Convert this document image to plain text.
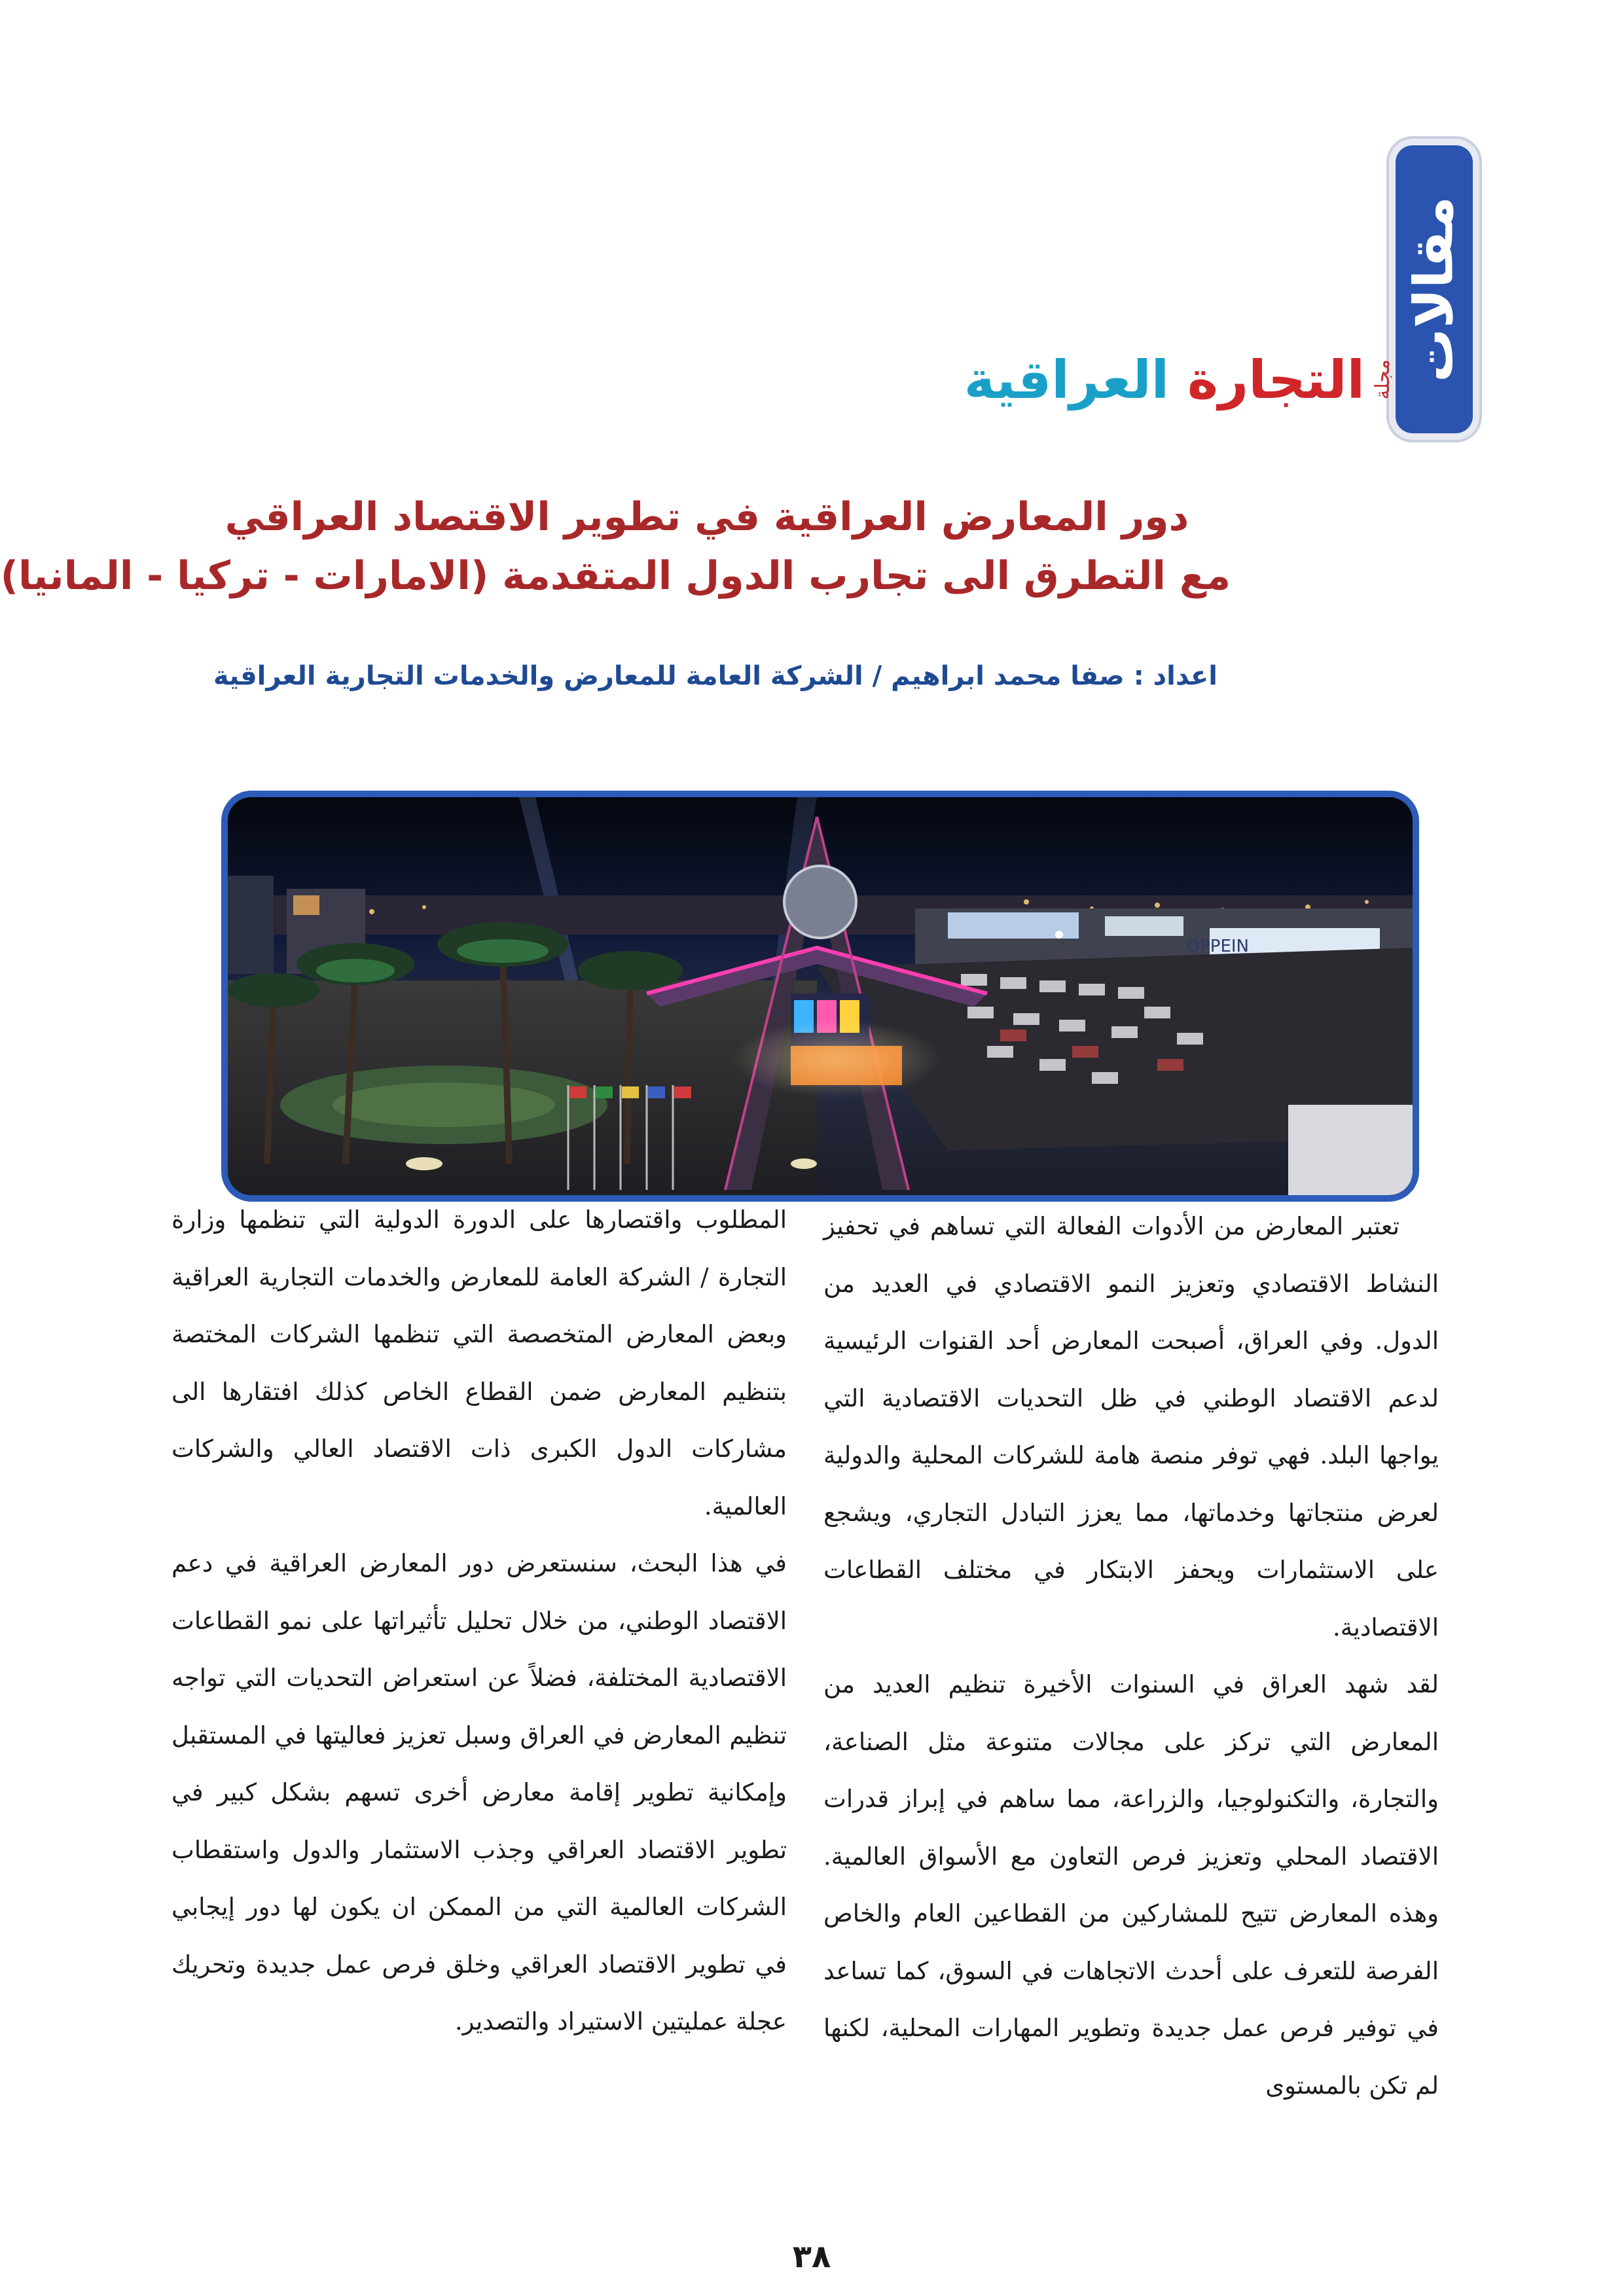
مقالات
مجلة
التجارة العراقية
دور المعارض العراقية في تطوير الاقتصاد العراقي
مع التطرق الى تجارب الدول المتقدمة (الامارات - تركيا - المانيا)
اعداد : صفا محمد ابراهيم / الشركة العامة للمعارض والخدمات التجارية العراقية
OPPEIN

تعتبر المعارض من الأدوات الفعالة التي تساهم في تحفيز النشاط الاقتصادي وتعزيز النمو الاقتصادي في العديد من الدول. وفي العراق، أصبحت المعارض أحد القنوات الرئيسية لدعم الاقتصاد الوطني في ظل التحديات الاقتصادية التي يواجها البلد. فهي توفر منصة هامة للشركات المحلية والدولية لعرض منتجاتها وخدماتها، مما يعزز التبادل التجاري، ويشجع على الاستثمارات ويحفز الابتكار في مختلف القطاعات الاقتصادية.

لقد شهد العراق في السنوات الأخيرة تنظيم العديد من المعارض التي تركز على مجالات متنوعة مثل الصناعة، والتجارة، والتكنولوجيا، والزراعة، مما ساهم في إبراز قدرات الاقتصاد المحلي وتعزيز فرص التعاون مع الأسواق العالمية. وهذه المعارض تتيح للمشاركين من القطاعين العام والخاص الفرصة للتعرف على أحدث الاتجاهات في السوق، كما تساعد في توفير فرص عمل جديدة وتطوير المهارات المحلية، لكنها لم تكن بالمستوى

المطلوب واقتصارها على الدورة الدولية التي تنظمها وزارة التجارة / الشركة العامة للمعارض والخدمات التجارية العراقية وبعض المعارض المتخصصة التي تنظمها الشركات المختصة بتنظيم المعارض ضمن القطاع الخاص كذلك افتقارها الى مشاركات الدول الكبرى ذات الاقتصاد العالي والشركات العالمية.

في هذا البحث، سنستعرض دور المعارض العراقية في دعم الاقتصاد الوطني، من خلال تحليل تأثيراتها على نمو القطاعات الاقتصادية المختلفة، فضلاً عن استعراض التحديات التي تواجه تنظيم المعارض في العراق وسبل تعزيز فعاليتها في المستقبل وإمكانية تطوير إقامة معارض أخرى تسهم بشكل كبير في تطوير الاقتصاد العراقي وجذب الاستثمار والدول واستقطاب الشركات العالمية التي من الممكن ان يكون لها دور إيجابي في تطوير الاقتصاد العراقي وخلق فرص عمل جديدة وتحريك عجلة عمليتين الاستيراد والتصدير.

٣٨
